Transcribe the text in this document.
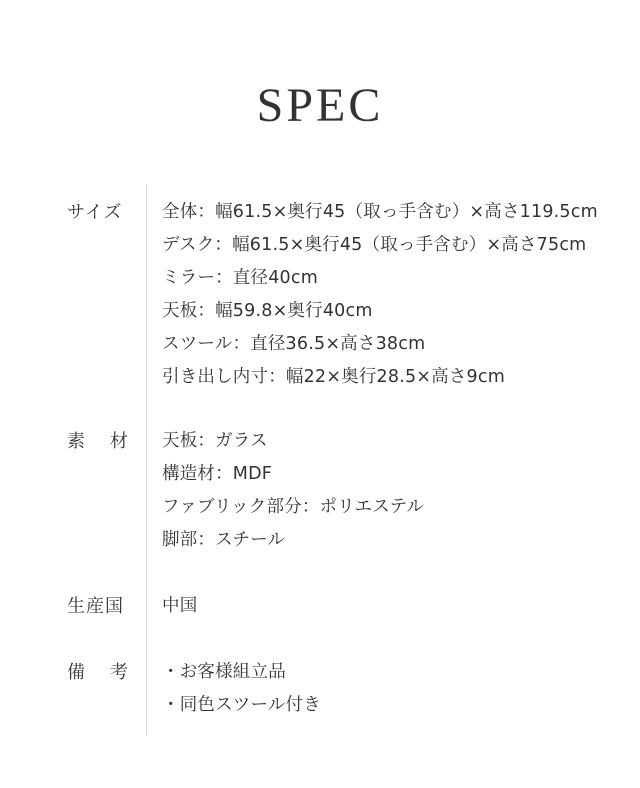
SPEC
サイズ	全体：幅61.5×奥行45（取っ手含む）×高さ119.5cm
デスク：幅61.5×奥行45（取っ手含む）×高さ75cm
ミラー：直径40cm
天板：幅59.8×奥行40cm
スツール：直径36.5×高さ38cm
引き出し内寸：幅22×奥行28.5×高さ9cm
素 材 天板：ガラス
構造材：MDF
ファブリック部分：ポリエステル
脚部：スチール
生産国	中国
備 考 ・お客様組立品
・同色スツール付き
